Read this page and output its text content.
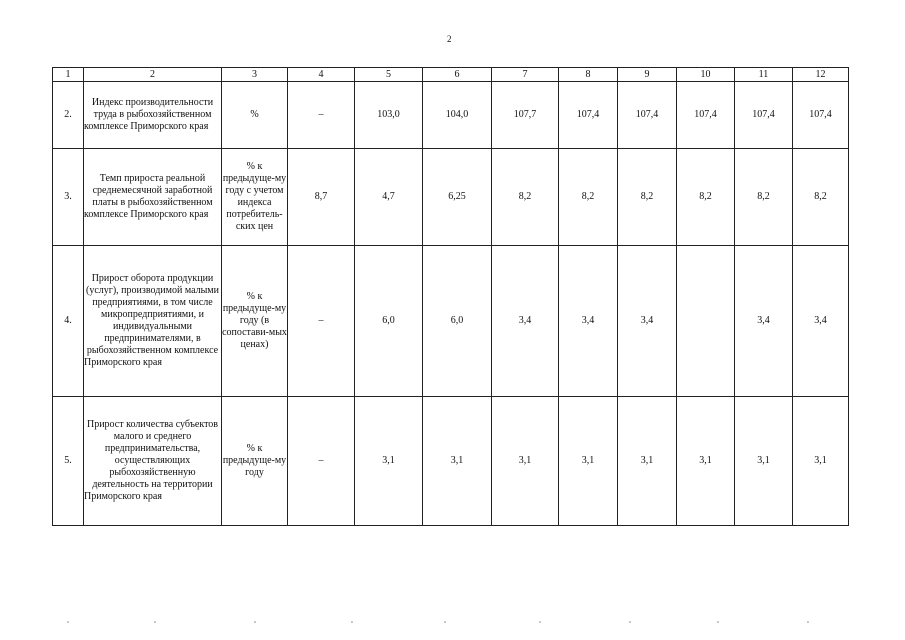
2
1	2	3	4	5	6	7	8	9	10	11	12
2.	Индекс производительности труда в рыбохозяйственном комплексе Приморского края	%	–	103,0	104,0	107,7	107,4	107,4	107,4	107,4	107,4
3.	Темп прироста реальной среднемесячной заработной платы в рыбохозяйственном комплексе Приморского края	% к предыдуще-му году с учетом индекса потребитель-ских цен	8,7	4,7	6,25	8,2	8,2	8,2	8,2	8,2	8,2
4.	Прирост оборота продукции (услуг), производимой малыми предприятиями, в том числе микропредприятиями, и индивидуальными предпринимателями, в рыбохозяйственном комплексе Приморского края	% к предыдуще-му году (в сопостави-мых ценах)	–	6,0	6,0	3,4	3,4	3,4		3,4	3,4
5.	Прирост количества субъектов малого и среднего предпринимательства, осуществляющих рыбохозяйственную деятельность на территории Приморского края	% к предыдуще-му году	–	3,1	3,1	3,1	3,1	3,1	3,1	3,1	3,1
